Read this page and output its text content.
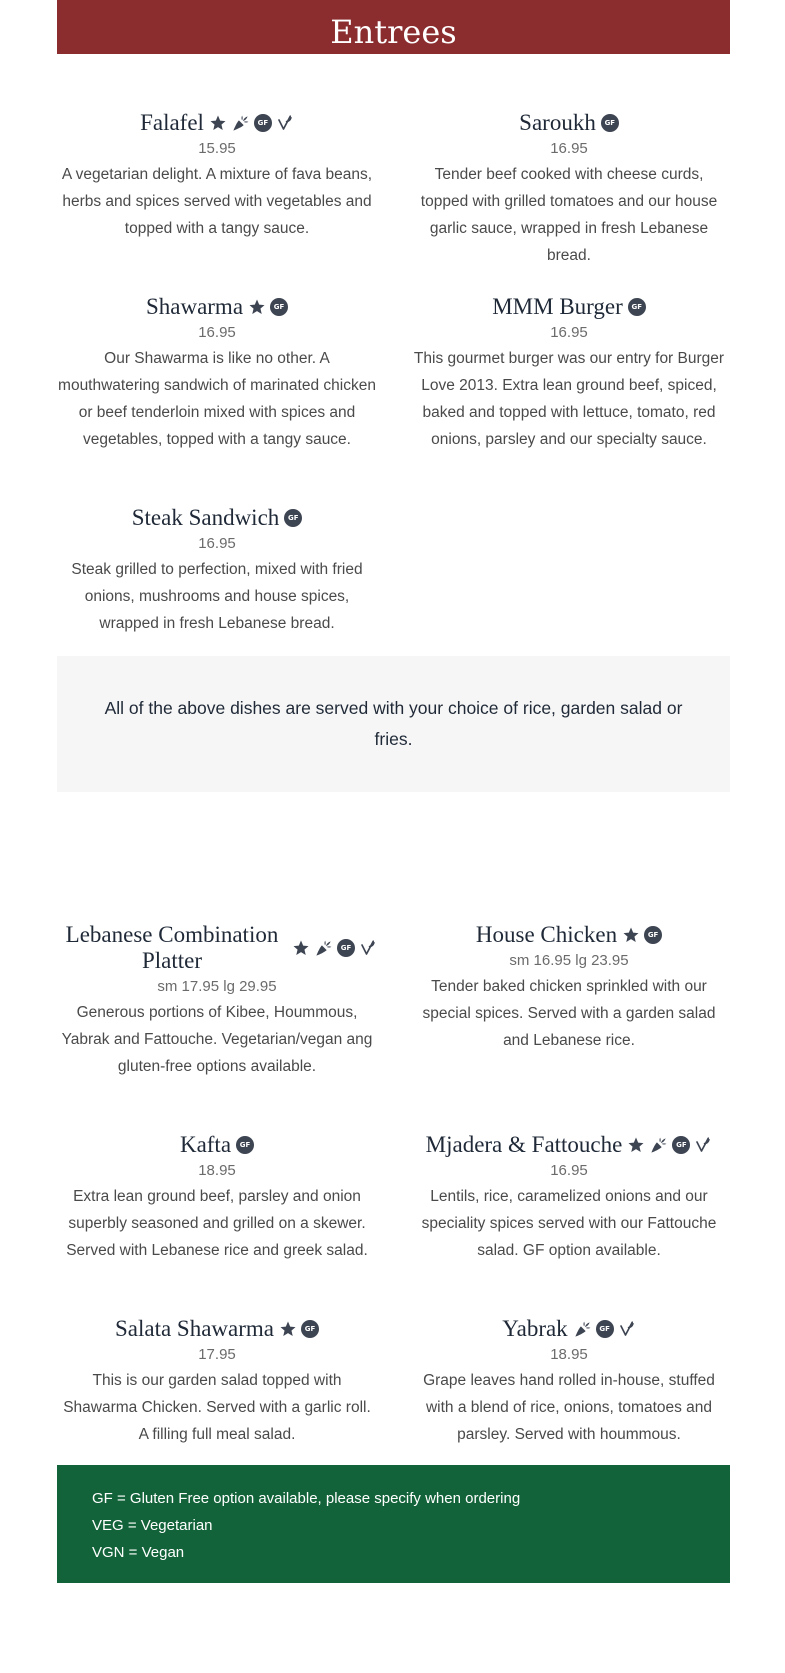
Entrees
Falafel	GF
15.95
A vegetarian delight. A mixture of fava beans, herbs and spices served with vegetables and topped with a tangy sauce.
Saroukh	GF
16.95
Tender beef cooked with cheese curds, topped with grilled tomatoes and our house garlic sauce, wrapped in fresh Lebanese bread.
Shawarma	GF
16.95
Our Shawarma is like no other. A mouthwatering sandwich of marinated chicken or beef tenderloin mixed with spices and vegetables, topped with a tangy sauce.
MMM Burger	GF
16.95
This gourmet burger was our entry for Burger Love 2013. Extra lean ground beef, spiced, baked and topped with lettuce, tomato, red onions, parsley and our specialty sauce.
Steak Sandwich	GF
16.95
Steak grilled to perfection, mixed with fried onions, mushrooms and house spices, wrapped in fresh Lebanese bread.
All of the above dishes are served with your choice of rice, garden salad or fries.
Lebanese Combination Platter	GF
sm 17.95 lg 29.95
Generous portions of Kibee, Hoummous, Yabrak and Fattouche. Vegetarian/vegan ang gluten-free options available.
House Chicken	GF
sm 16.95 lg 23.95
Tender baked chicken sprinkled with our special spices. Served with a garden salad and Lebanese rice.
Kafta	GF
18.95
Extra lean ground beef, parsley and onion superbly seasoned and grilled on a skewer. Served with Lebanese rice and greek salad.
Mjadera & Fattouche	GF
16.95
Lentils, rice, caramelized onions and our speciality spices served with our Fattouche salad. GF option available.
Salata Shawarma	GF
17.95
This is our garden salad topped with Shawarma Chicken. Served with a garlic roll. A filling full meal salad.
Yabrak	GF
18.95
Grape leaves hand rolled in-house, stuffed with a blend of rice, onions, tomatoes and parsley. Served with hoummous.
GF = Gluten Free option available, please specify when ordering
VEG = Vegetarian
VGN = Vegan
